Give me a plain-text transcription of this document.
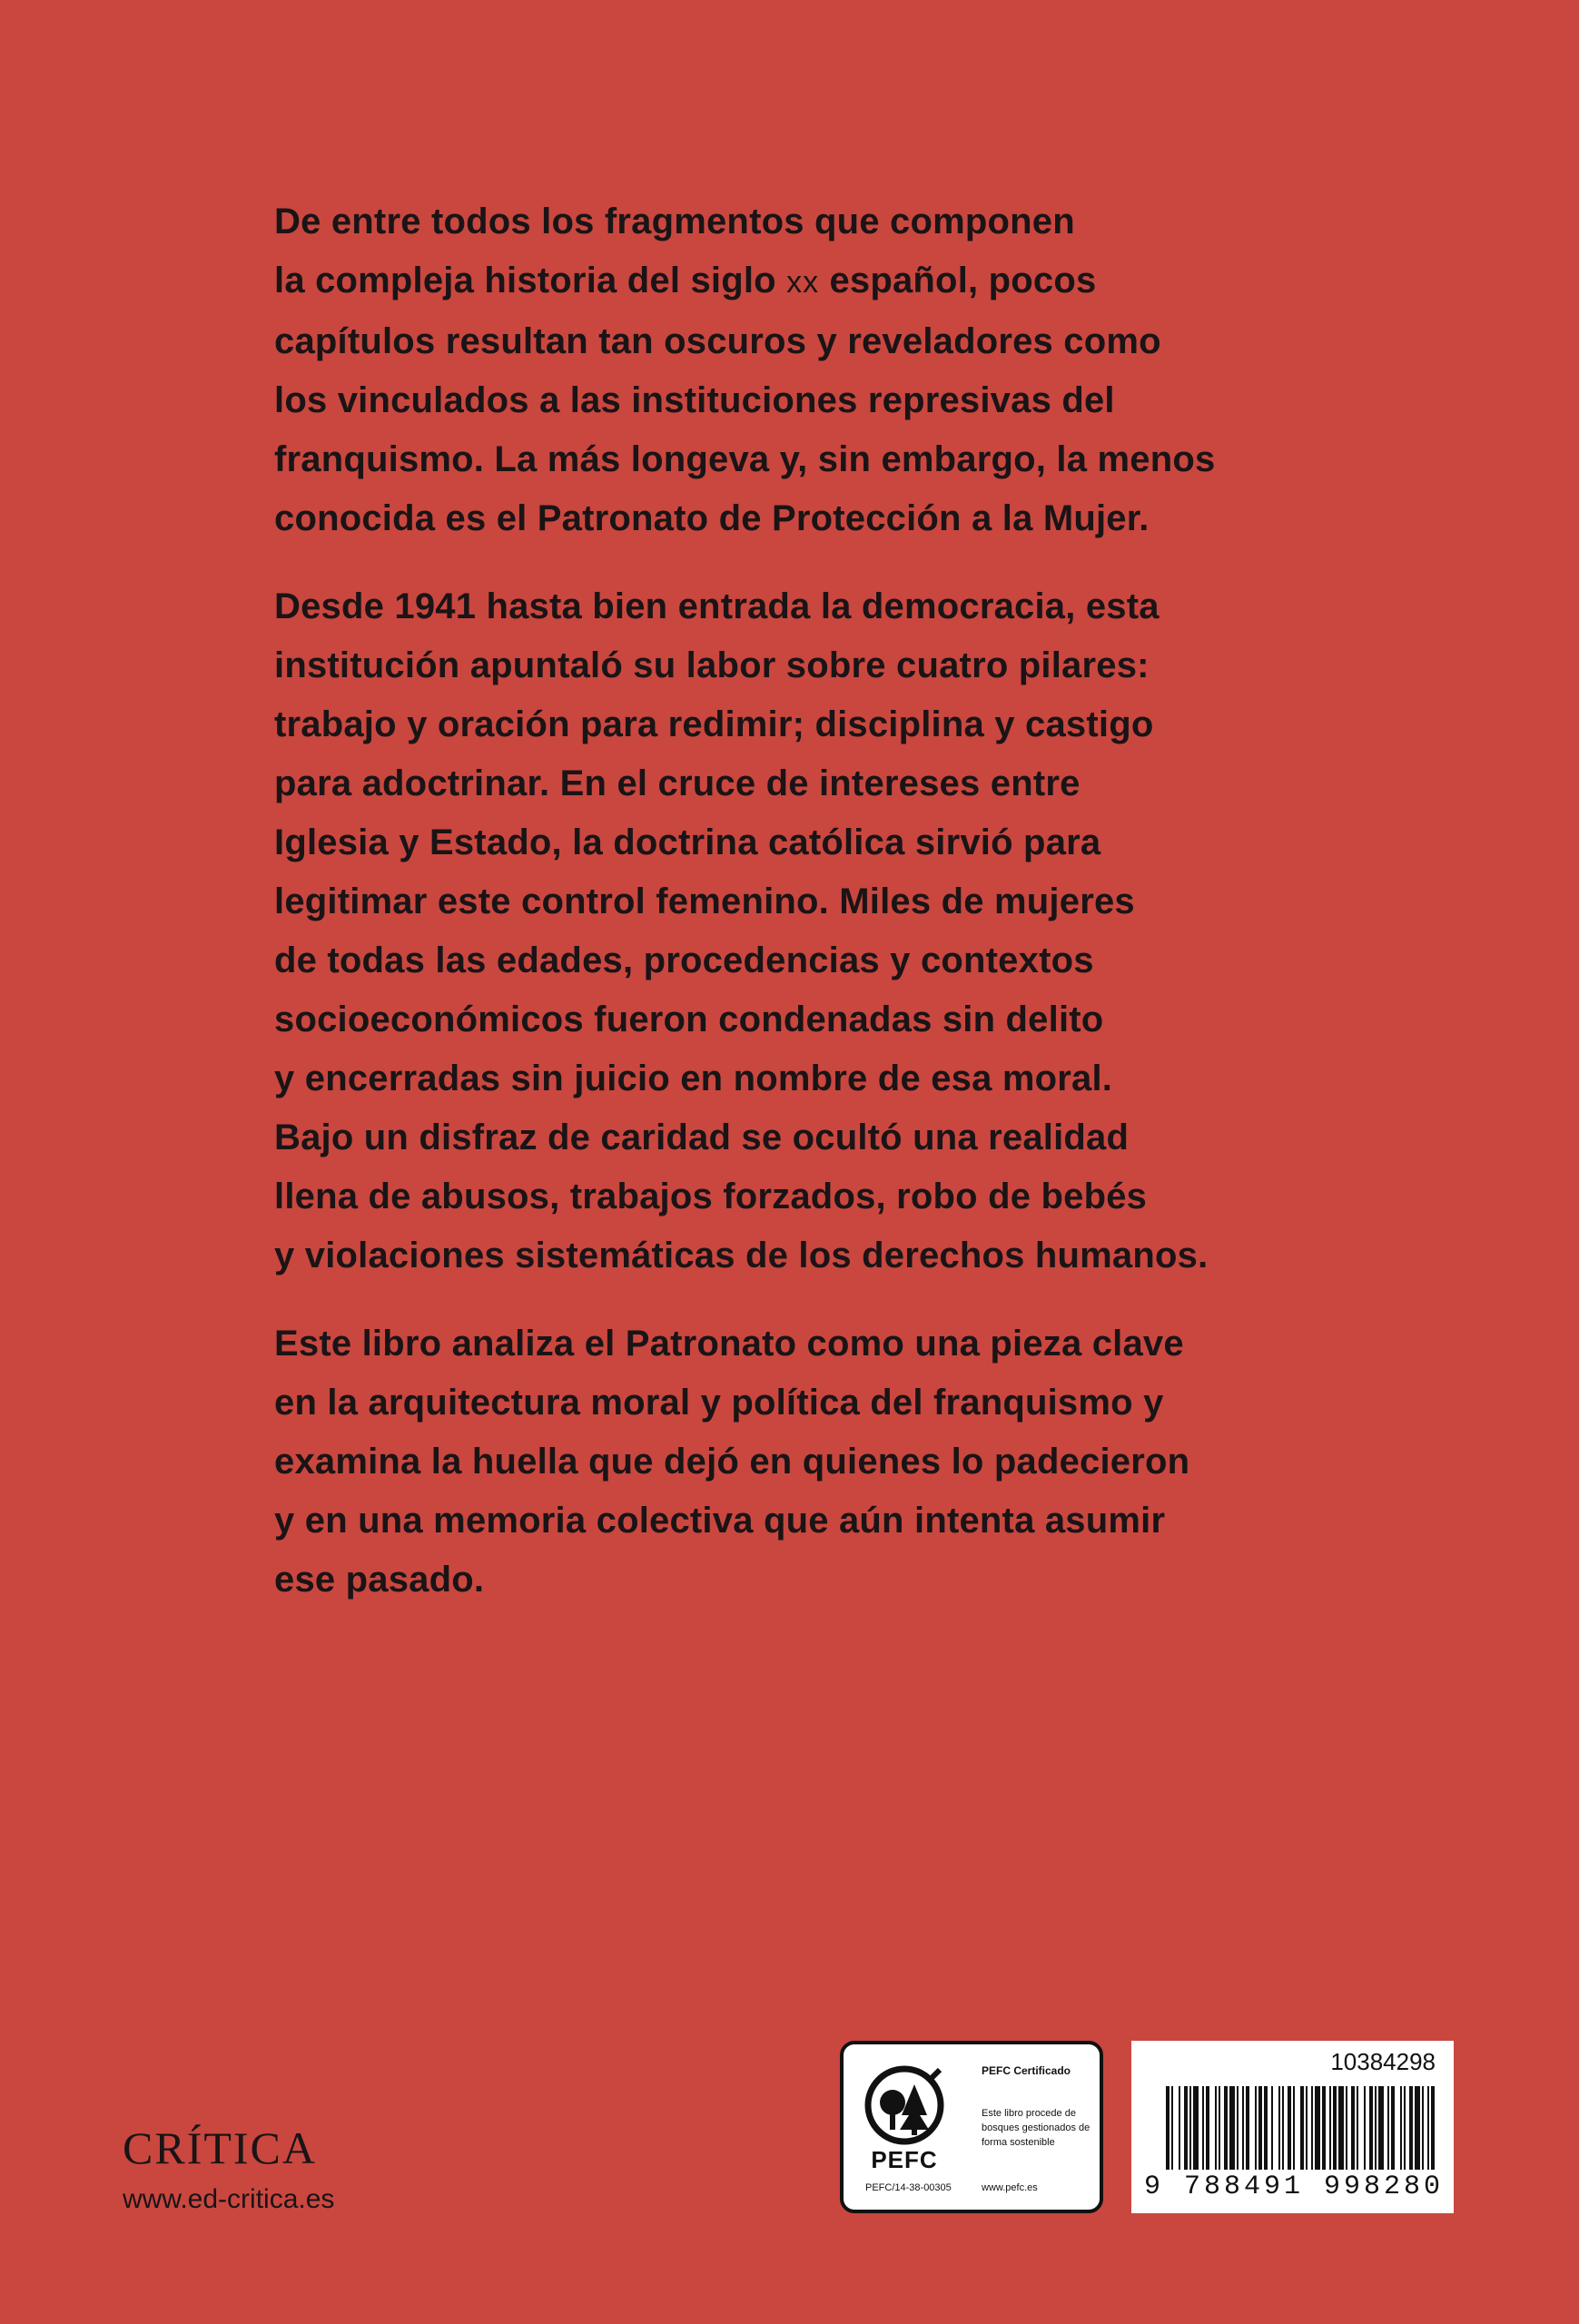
De entre todos los fragmentos que componen
la compleja historia del siglo xx español, pocos
capítulos resultan tan oscuros y reveladores como
los vinculados a las instituciones represivas del
franquismo. La más longeva y, sin embargo, la menos
conocida es el Patronato de Protección a la Mujer.

Desde 1941 hasta bien entrada la democracia, esta
institución apuntaló su labor sobre cuatro pilares:
trabajo y oración para redimir; disciplina y castigo
para adoctrinar. En el cruce de intereses entre
Iglesia y Estado, la doctrina católica sirvió para
legitimar este control femenino. Miles de mujeres
de todas las edades, procedencias y contextos
socioeconómicos fueron condenadas sin delito
y encerradas sin juicio en nombre de esa moral.
Bajo un disfraz de caridad se ocultó una realidad
llena de abusos, trabajos forzados, robo de bebés
y violaciones sistemáticas de los derechos humanos.

Este libro analiza el Patronato como una pieza clave
en la arquitectura moral y política del franquismo y
examina la huella que dejó en quienes lo padecieron
y en una memoria colectiva que aún intenta asumir
ese pasado.

CRÍTICA
www.ed-critica.es
PEFC
PEFC Certificado
Este libro procede de bosques gestionados de forma sostenible
PEFC/14-38-00305	www.pefc.es
10384298
9 788491 998280
